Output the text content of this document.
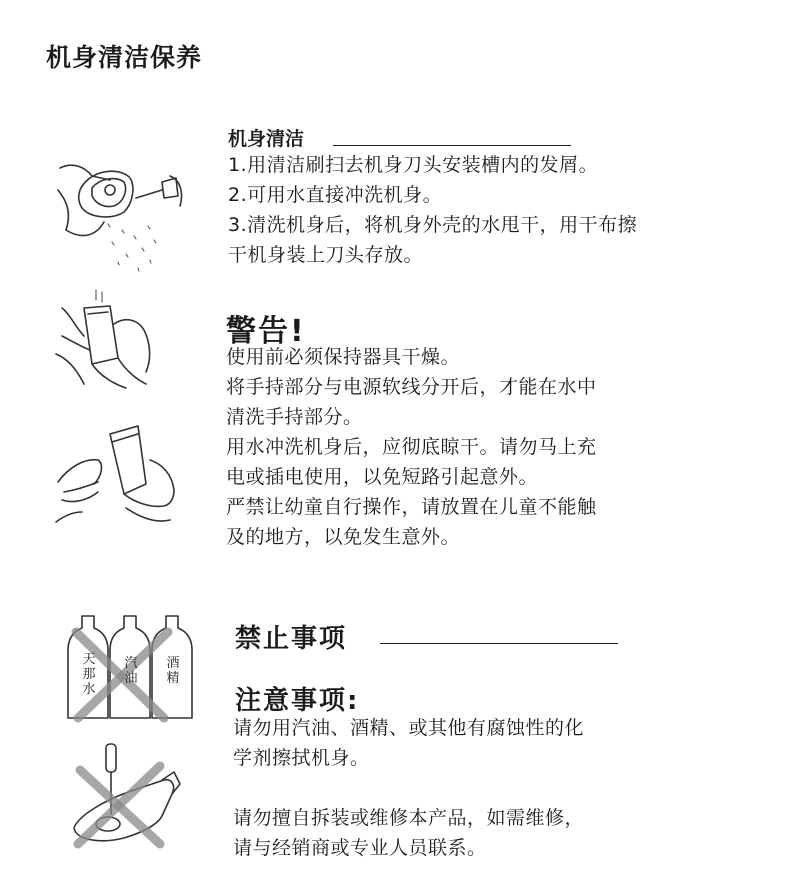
机身清洁保养
机身清洁
1.用清洁刷扫去机身刀头安装槽内的发屑。
2.可用水直接冲洗机身。
3.清洗机身后，将机身外壳的水甩干，用干布擦
干机身装上刀头存放。
警告!
使用前必须保持器具干燥。
将手持部分与电源软线分开后，才能在水中
清洗手持部分。
用水冲洗机身后，应彻底晾干。请勿马上充
电或插电使用，以免短路引起意外。
严禁让幼童自行操作，请放置在儿童不能触
及的地方，以免发生意外。
禁止事项
天
那
水
汽
油
酒
精
注意事项:
请勿用汽油、酒精、或其他有腐蚀性的化
学剂擦拭机身。
请勿擅自拆装或维修本产品，如需维修，
请与经销商或专业人员联系。
